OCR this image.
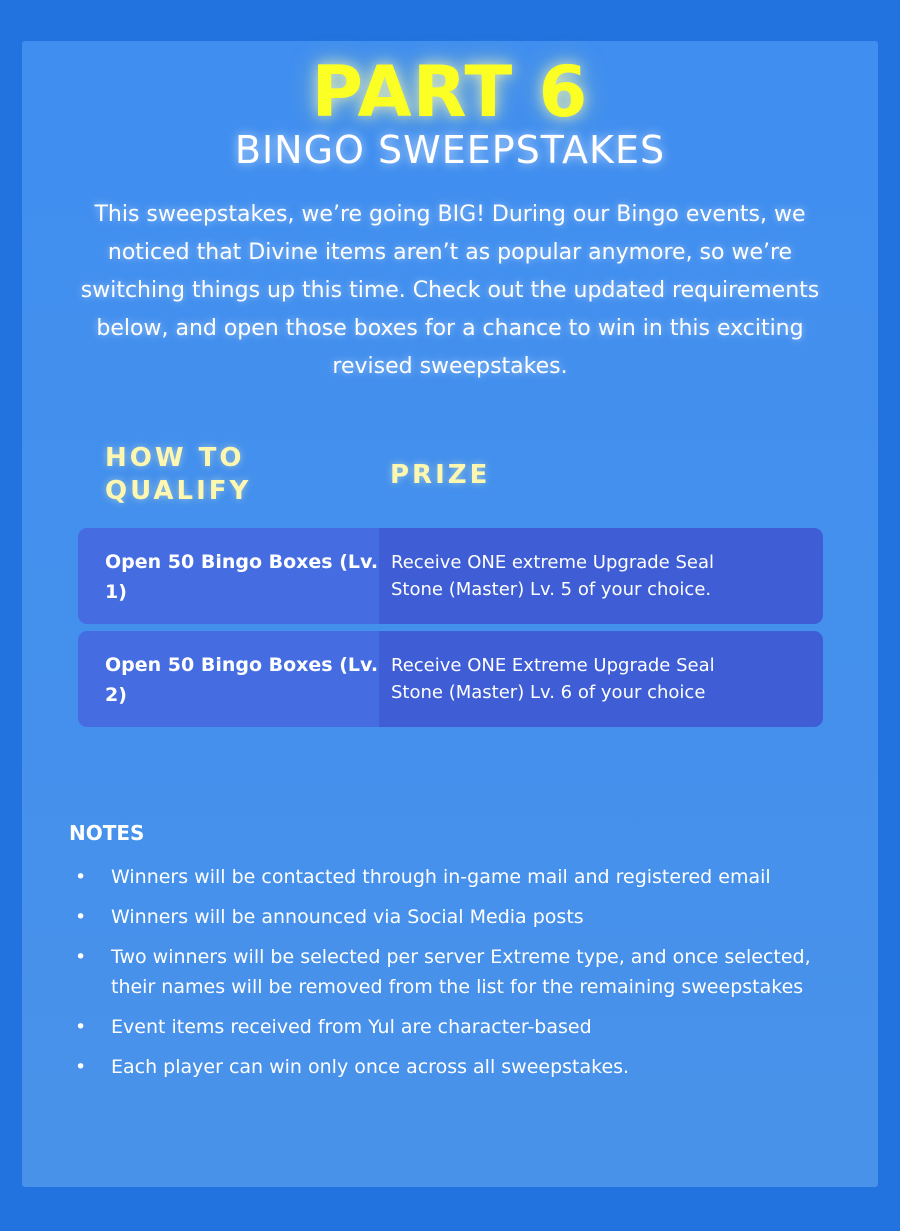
PART 6
BINGO SWEEPSTAKES
This sweepstakes, we’re going BIG! During our Bingo events, we noticed that Divine items aren’t as popular anymore, so we’re switching things up this time. Check out the updated requirements below, and open those boxes for a chance to win in this exciting revised sweepstakes.
HOW TO QUALIFY
PRIZE
Open 50 Bingo Boxes (Lv. 1)
Receive ONE extreme Upgrade Seal Stone (Master) Lv. 5 of your choice.
Open 50 Bingo Boxes (Lv. 2)
Receive ONE Extreme Upgrade Seal Stone (Master) Lv. 6 of your choice
NOTES
• Winners will be contacted through in-game mail and registered email
• Winners will be announced via Social Media posts
• Two winners will be selected per server Extreme type, and once selected, their names will be removed from the list for the remaining sweepstakes
• Event items received from Yul are character-based
• Each player can win only once across all sweepstakes.
